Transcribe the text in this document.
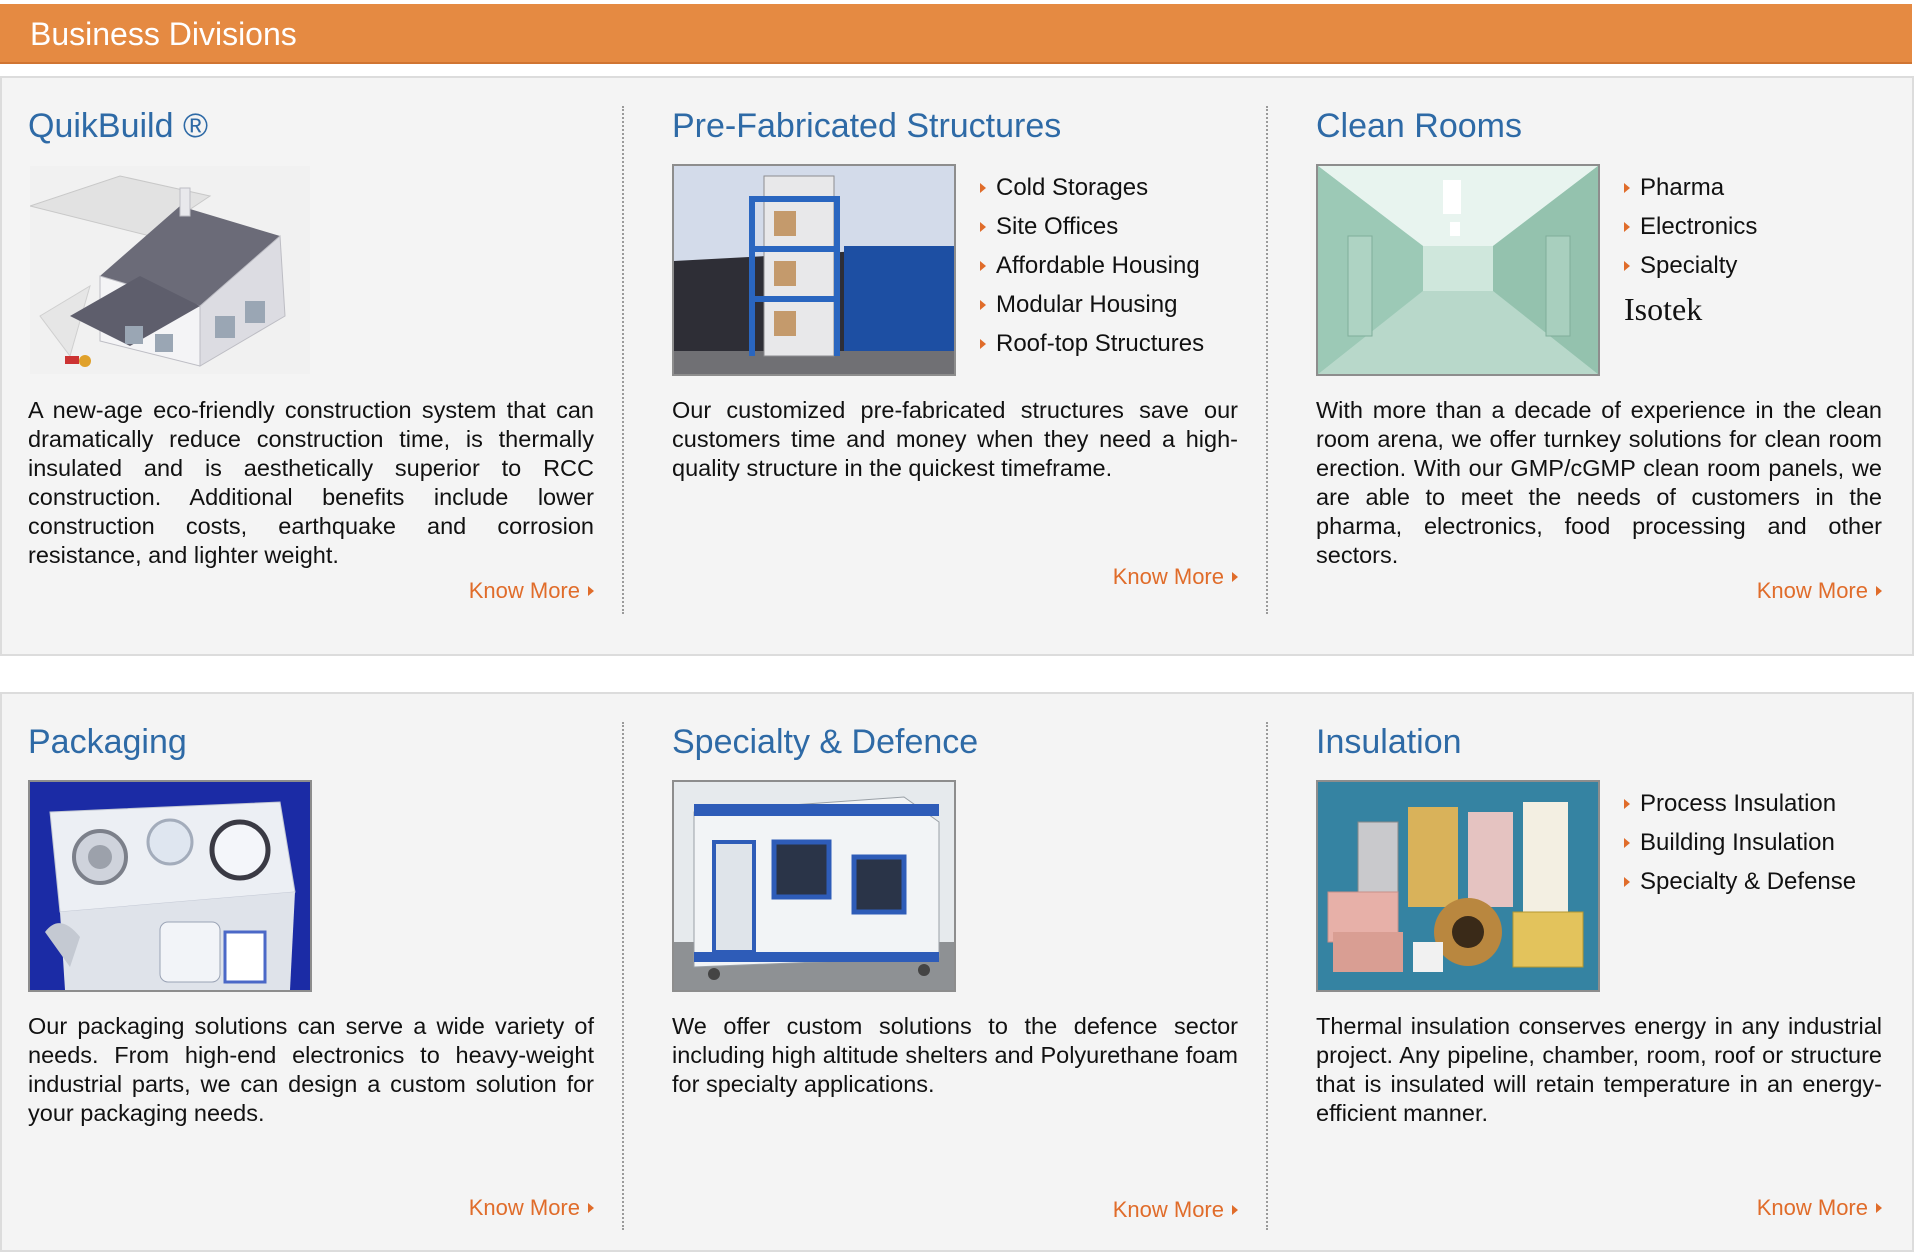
Business Divisions
QuikBuild ®

A new-age eco-friendly construction system that can dramatically reduce construction time, is thermally insulated and is aesthetically superior to RCC construction. Additional benefits include lower construction costs, earthquake and corrosion resistance, and lighter weight.

Know More
Pre-Fabricated Structures
Cold Storages
Site Offices
Affordable Housing
Modular Housing
Roof-top Structures

Our customized pre-fabricated structures save our customers time and money when they need a high-quality structure in the quickest timeframe.

Know More
Clean Rooms
Pharma
Electronics
Specialty
Isotek

With more than a decade of experience in the clean room arena, we offer turnkey solutions for clean room erection. With our GMP/cGMP clean room panels, we are able to meet the needs of customers in the pharma, electronics, food processing and other sectors.

Know More
Packaging

Our packaging solutions can serve a wide variety of needs. From high-end electronics to heavy-weight industrial parts, we can design a custom solution for your packaging needs.

Know More
Specialty & Defence

We offer custom solutions to the defence sector including high altitude shelters and Polyurethane foam for specialty applications.

Know More
Insulation
Process Insulation
Building Insulation
Specialty & Defense

Thermal insulation conserves energy in any industrial project. Any pipeline, chamber, room, roof or structure that is insulated will retain temperature in an energy-efficient manner.

Know More
